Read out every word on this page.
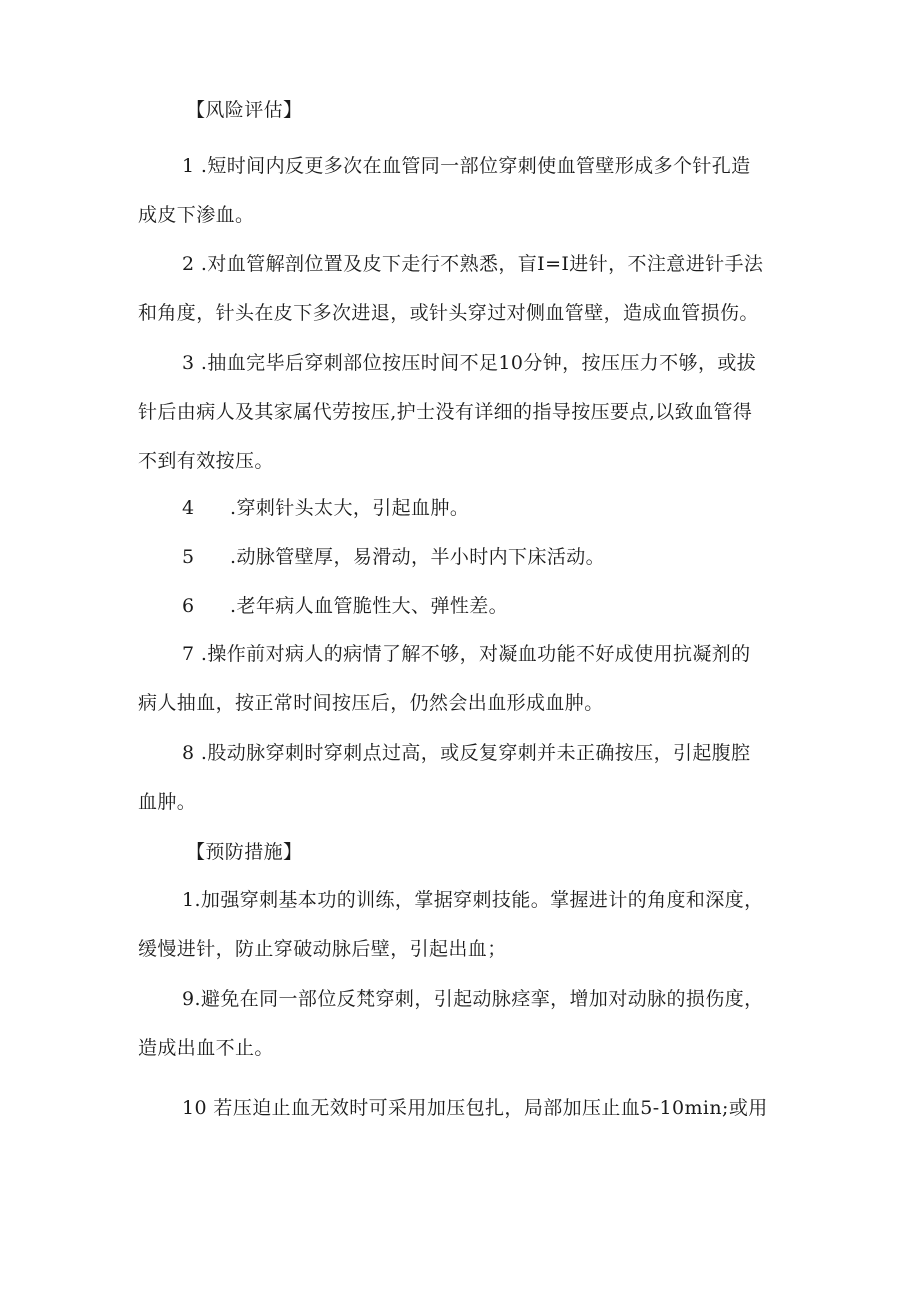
【风险评估】
1 .短时间内反更多次在血管同一部位穿刺使血管壁形成多个针孔造
成皮下渗血。
2 .对血管解剖位置及皮下走行不熟悉，盲I=I进针，不注意进针手法
和角度，针头在皮下多次进退，或针头穿过对侧血管壁，造成血管损伤。
3 .抽血完毕后穿刺部位按压时间不足10分钟，按压压力不够，或拔
针后由病人及其家属代劳按压,护士没有详细的指导按压要点,以致血管得
不到有效按压。
4 .穿刺针头太大，引起血肿。
5 .动脉管壁厚，易滑动，半小时内下床活动。
6 .老年病人血管脆性大、弹性差。
7 .操作前对病人的病情了解不够，对凝血功能不好成使用抗凝剂的
病人抽血，按正常时间按压后，仍然会出血形成血肿。
8 .股动脉穿刺时穿刺点过高，或反复穿刺并未正确按压，引起腹腔
血肿。
【预防措施】
1.加强穿刺基本功的训练，掌据穿刺技能。掌握进计的角度和深度，
缓慢进针，防止穿破动脉后壁，引起出血；
9.避免在同一部位反梵穿刺，引起动脉痉挛，增加对动脉的损伤度，
造成出血不止。
10 若压迫止血无效时可采用加压包扎，局部加压止血5-10min;或用
